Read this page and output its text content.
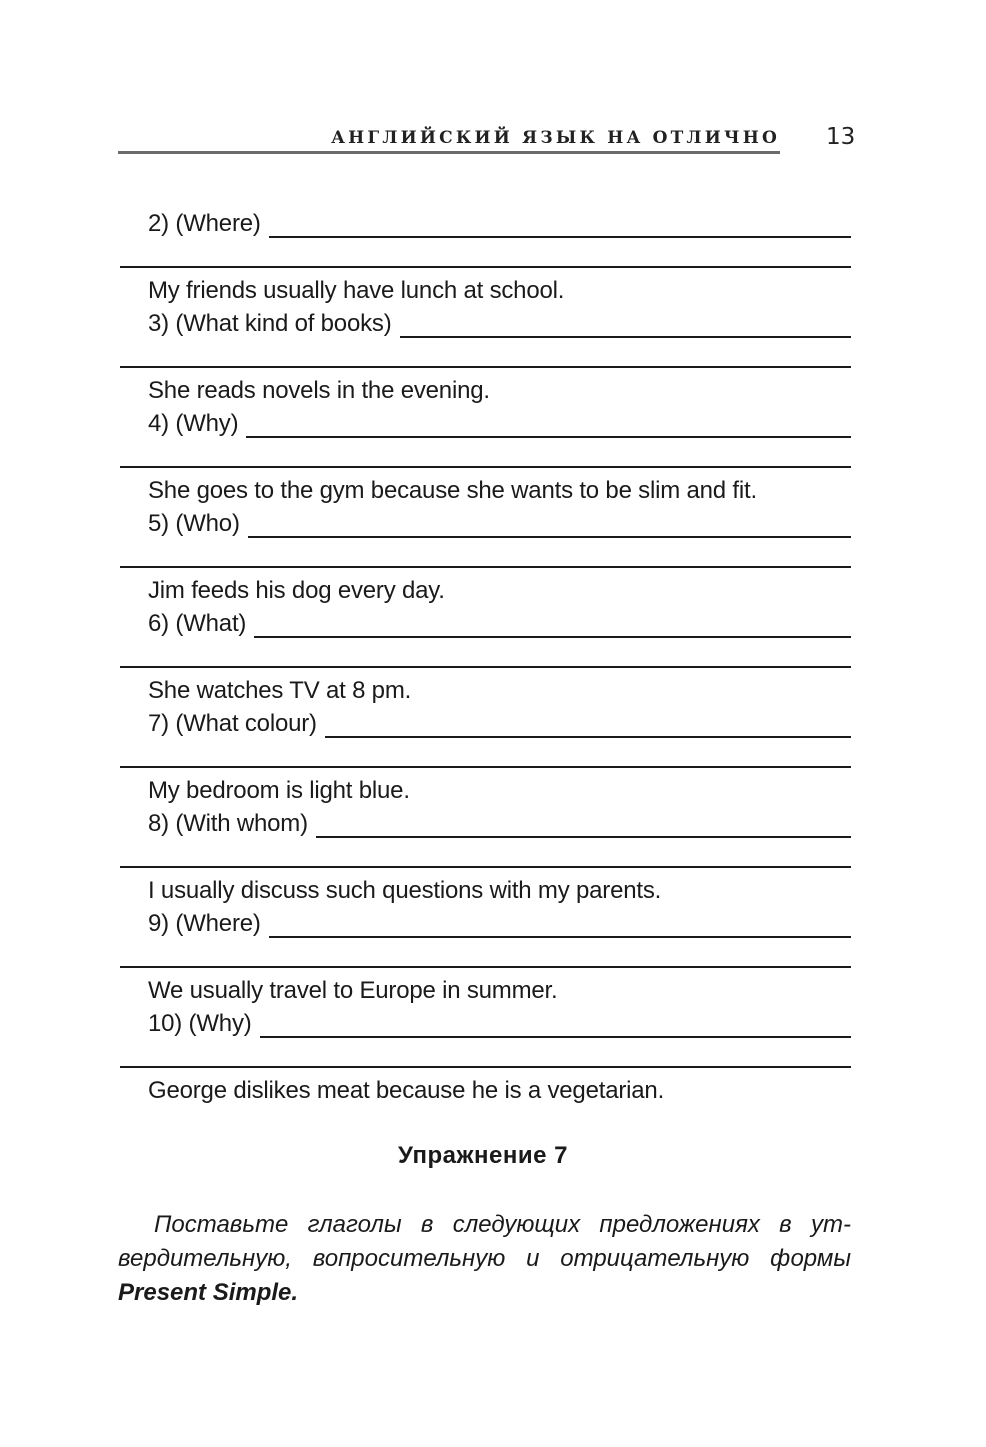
АНГЛИЙСКИЙ ЯЗЫК НА ОТЛИЧНО 13
2) (Where)
My friends usually have lunch at school.
3) (What kind of books)
She reads novels in the evening.
4) (Why)
She goes to the gym because she wants to be slim and fit.
5) (Who)
Jim feeds his dog every day.
6) (What)
She watches TV at 8 pm.
7) (What colour)
My bedroom is light blue.
8) (With whom)
I usually discuss such questions with my parents.
9) (Where)
We usually travel to Europe in summer.
10) (Why)
George dislikes meat because he is a vegetarian.
Упражнение 7
Поставьте глаголы в следующих предложениях в утвердительную, вопросительную и отрицательную формы Present Simple.
